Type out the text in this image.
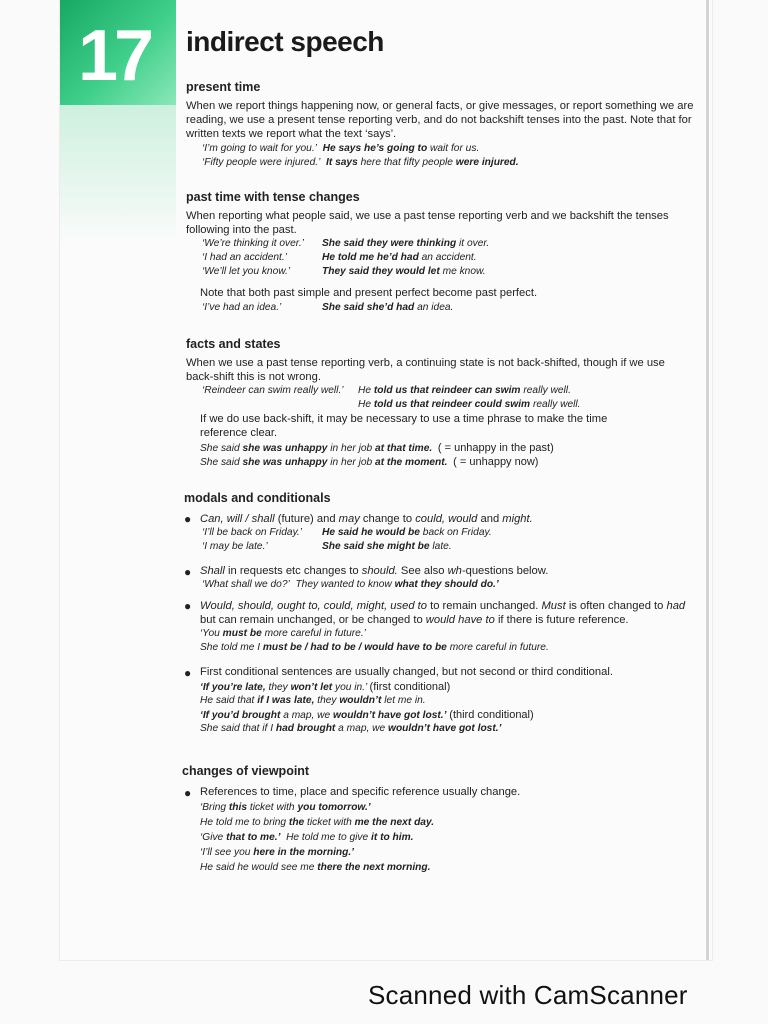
17 indirect speech
present time
When we report things happening now, or general facts, or give messages, or report something we are
reading, we use a present tense reporting verb, and do not backshift tenses into the past. Note that for
written texts we report what the text ‘says’.
‘I’m going to wait for you.’ He says he’s going to wait for us.
‘Fifty people were injured.’ It says here that fifty people were injured.
past time with tense changes
When reporting what people said, we use a past tense reporting verb and we backshift the tenses
following into the past.
‘We’re thinking it over.’ She said they were thinking it over.
‘I had an accident.’	He told me he’d had an accident.
‘We’ll let you know.’	They said they would let me know.
Note that both past simple and present perfect become past perfect.
‘I’ve had an idea.’	She said she’d had an idea.
facts and states
When we use a past tense reporting verb, a continuing state is not back-shifted, though if we use
back-shift this is not wrong.
‘Reindeer can swim really well.’ He told us that reindeer can swim really well.
He told us that reindeer could swim really well.
If we do use back-shift, it may be necessary to use a time phrase to make the time
reference clear.
She said she was unhappy in her job at that time. ( = unhappy in the past)
She said she was unhappy in her job at the moment. ( = unhappy now)
modals and conditionals
● Can, will / shall (future) and may change to could, would and might.
‘I’ll be back on Friday.’ He said he would be back on Friday.
‘I may be late.’	She said she might be late.
● Shall in requests etc changes to should. See also wh-questions below.
‘What shall we do?’ They wanted to know what they should do.’
● Would, should, ought to, could, might, used to to remain unchanged. Must is often changed to had
but can remain unchanged, or be changed to would have to if there is future reference.
‘You must be more careful in future.’
She told me I must be / had to be / would have to be more careful in future.
● First conditional sentences are usually changed, but not second or third conditional.
‘If you’re late, they won’t let you in.’ (first conditional)
He said that if I was late, they wouldn’t let me in.
‘If you’d brought a map, we wouldn’t have got lost.’ (third conditional)
She said that if I had brought a map, we wouldn’t have got lost.’
changes of viewpoint
● References to time, place and specific reference usually change.
‘Bring this ticket with you tomorrow.’
He told me to bring the ticket with me the next day.
‘Give that to me.’ He told me to give it to him.
‘I’ll see you here in the morning.’
He said he would see me there the next morning.
Scanned with CamScanner
